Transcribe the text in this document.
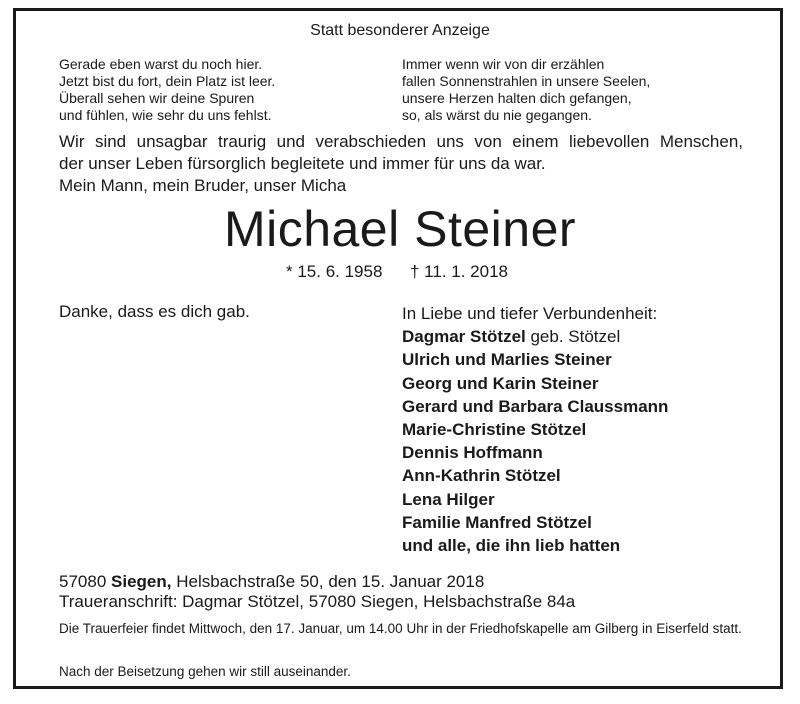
Statt besonderer Anzeige
Gerade eben warst du noch hier.
Jetzt bist du fort, dein Platz ist leer.
Überall sehen wir deine Spuren
und fühlen, wie sehr du uns fehlst.
Immer wenn wir von dir erzählen
fallen Sonnenstrahlen in unsere Seelen,
unsere Herzen halten dich gefangen,
so, als wärst du nie gegangen.
Wir sind unsagbar traurig und verabschieden uns von einem liebevollen Menschen,
der unser Leben fürsorglich begleitete und immer für uns da war.
Mein Mann, mein Bruder, unser Micha
Michael Steiner
* 15. 6. 1958 † 11. 1. 2018
Danke, dass es dich gab.	In Liebe und tiefer Verbundenheit:
Dagmar Stötzel geb. Stötzel
Ulrich und Marlies Steiner
Georg und Karin Steiner
Gerard und Barbara Claussmann
Marie-Christine Stötzel
Dennis Hoffmann
Ann-Kathrin Stötzel
Lena Hilger
Familie Manfred Stötzel
und alle, die ihn lieb hatten
57080 Siegen, Helsbachstraße 50, den 15. Januar 2018
Traueranschrift: Dagmar Stötzel, 57080 Siegen, Helsbachstraße 84a
Die Trauerfeier findet Mittwoch, den 17. Januar, um 14.00 Uhr in der Friedhofskapelle am Gilberg in Eiserfeld statt.
Nach der Beisetzung gehen wir still auseinander.
